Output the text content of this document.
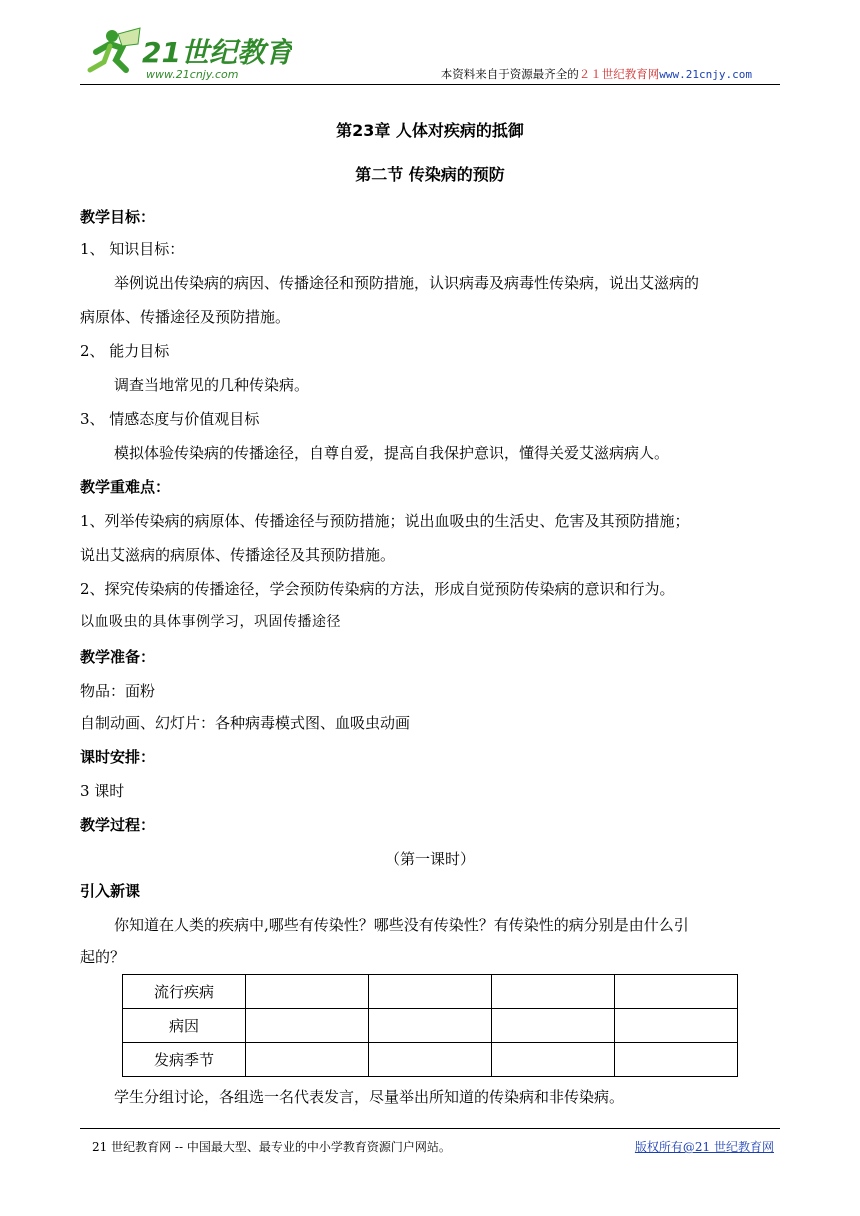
21世纪教育
www.21cnjy.com	本资料来自于资源最齐全的２１世纪教育网www.21cnjy.com
第23章 人体对疾病的抵御
第二节 传染病的预防
教学目标：
1、 知识目标：
举例说出传染病的病因、传播途径和预防措施，认识病毒及病毒性传染病，说出艾滋病的
病原体、传播途径及预防措施。
2、 能力目标
调查当地常见的几种传染病。
3、 情感态度与价值观目标
模拟体验传染病的传播途径，自尊自爱，提高自我保护意识，懂得关爱艾滋病病人。
教学重难点：
1、列举传染病的病原体、传播途径与预防措施；说出血吸虫的生活史、危害及其预防措施；
说出艾滋病的病原体、传播途径及其预防措施。
2、探究传染病的传播途径，学会预防传染病的方法，形成自觉预防传染病的意识和行为。
以血吸虫的具体事例学习，巩固传播途径
教学准备：
物品：面粉
自制动画、幻灯片：各种病毒模式图、血吸虫动画
课时安排：
3 课时
教学过程：
（第一课时）
引入新课
你知道在人类的疾病中,哪些有传染性？哪些没有传染性？有传染性的病分别是由什么引
起的？
流行疾病				
病因				
发病季节				
学生分组讨论，各组选一名代表发言，尽量举出所知道的传染病和非传染病。
21 世纪教育网 -- 中国最大型、最专业的中小学教育资源门户网站。	版权所有@21 世纪教育网
